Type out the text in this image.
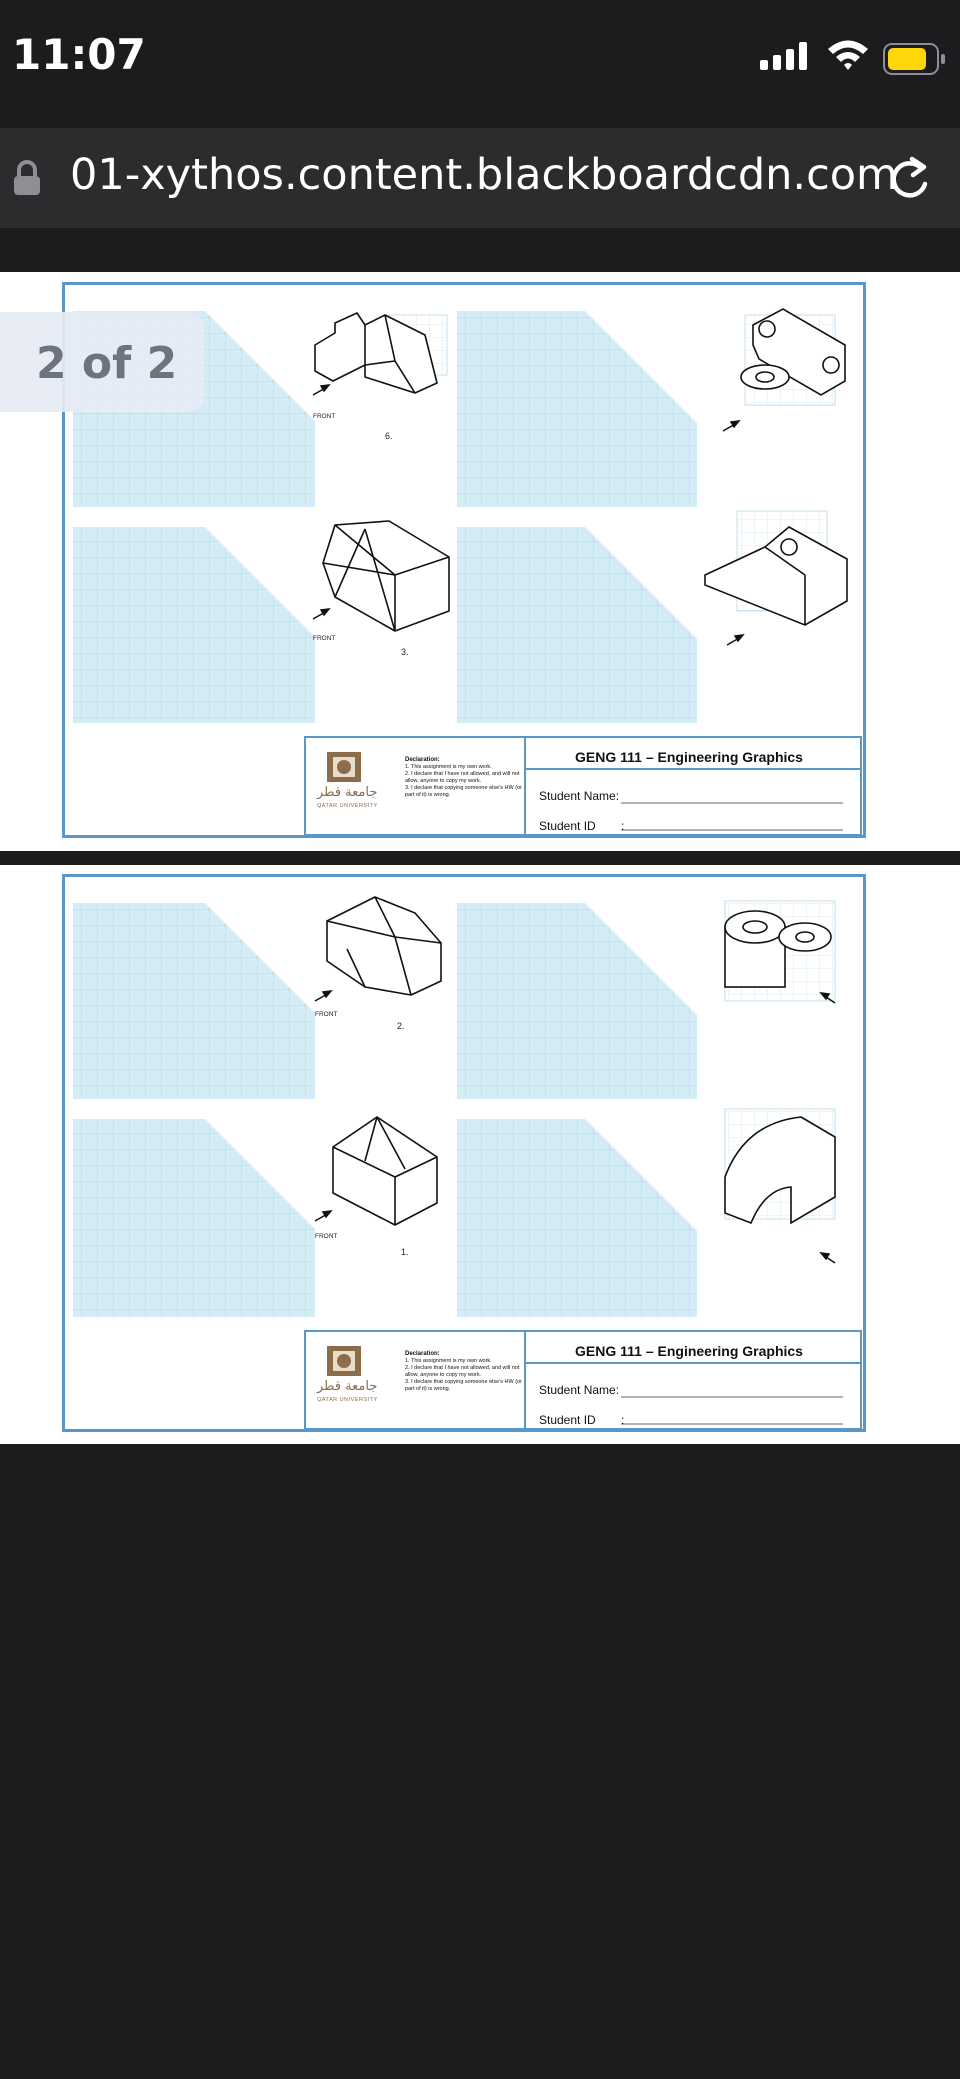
11:07
01-xythos.content.blackboardcdn.com
FRONT
FRONT
6.
3.
جامعة قطر
QATAR UNIVERSITY
Declaration:
1. This assignment is my own work.
2. I declare that I have not allowed, and will not allow, anyone to copy my work.
3. I declare that copying someone else's HW (or part of it) is wrong.
GENG 111 – Engineering Graphics
Student Name:
Student ID :
2 of 2
FRONT
FRONT
2.
1.
جامعة قطر
QATAR UNIVERSITY
Declaration:
1. This assignment is my own work.
2. I declare that I have not allowed, and will not allow, anyone to copy my work.
3. I declare that copying someone else's HW (or part of it) is wrong.
GENG 111 – Engineering Graphics
Student Name:
Student ID :
